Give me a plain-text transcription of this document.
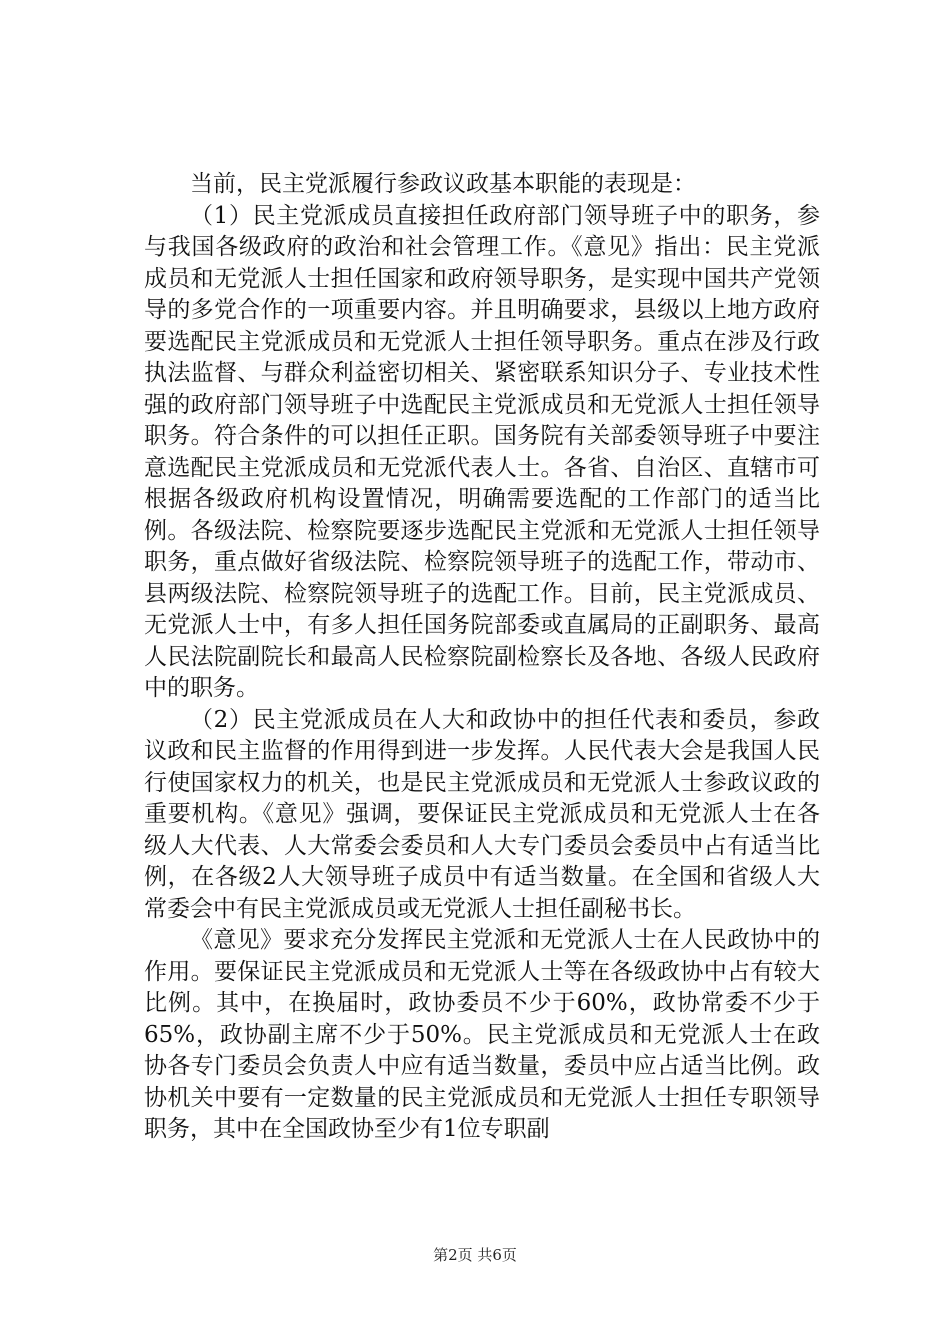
当前，民主党派履行参政议政基本职能的表现是：

（1）民主党派成员直接担任政府部门领导班子中的职务，参与我国各级政府的政治和社会管理工作。《意见》指出：民主党派成员和无党派人士担任国家和政府领导职务，是实现中国共产党领导的多党合作的一项重要内容。并且明确要求，县级以上地方政府要选配民主党派成员和无党派人士担任领导职务。重点在涉及行政执法监督、与群众利益密切相关、紧密联系知识分子、专业技术性强的政府部门领导班子中选配民主党派成员和无党派人士担任领导职务。符合条件的可以担任正职。国务院有关部委领导班子中要注意选配民主党派成员和无党派代表人士。各省、自治区、直辖市可根据各级政府机构设置情况，明确需要选配的工作部门的适当比例。各级法院、检察院要逐步选配民主党派和无党派人士担任领导职务，重点做好省级法院、检察院领导班子的选配工作，带动市、县两级法院、检察院领导班子的选配工作。目前，民主党派成员、无党派人士中，有多人担任国务院部委或直属局的正副职务、最高人民法院副院长和最高人民检察院副检察长及各地、各级人民政府中的职务。

（2）民主党派成员在人大和政协中的担任代表和委员，参政议政和民主监督的作用得到进一步发挥。人民代表大会是我国人民行使国家权力的机关，也是民主党派成员和无党派人士参政议政的重要机构。《意见》强调，要保证民主党派成员和无党派人士在各级人大代表、人大常委会委员和人大专门委员会委员中占有适当比例，在各级2人大领导班子成员中有适当数量。在全国和省级人大常委会中有民主党派成员或无党派人士担任副秘书长。

《意见》要求充分发挥民主党派和无党派人士在人民政协中的作用。要保证民主党派成员和无党派人士等在各级政协中占有较大比例。其中，在换届时，政协委员不少于60%，政协常委不少于65%，政协副主席不少于50%。民主党派成员和无党派人士在政协各专门委员会负责人中应有适当数量，委员中应占适当比例。政协机关中要有一定数量的民主党派成员和无党派人士担任专职领导职务，其中在全国政协至少有1位专职副

第2页 共6页
